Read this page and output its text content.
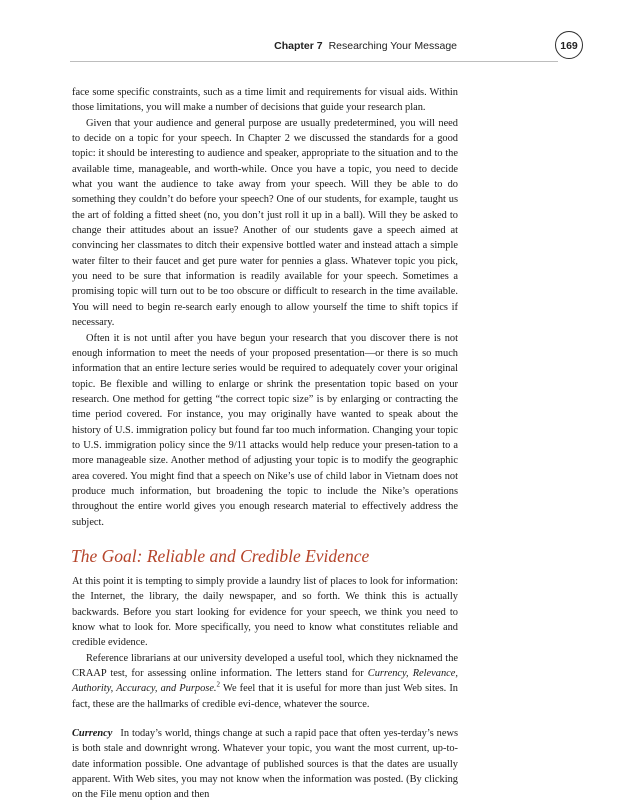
Chapter 7 Researching Your Message	169

face some specific constraints, such as a time limit and requirements for visual aids. Within those limitations, you will make a number of decisions that guide your research plan.

Given that your audience and general purpose are usually predetermined, you will need to decide on a topic for your speech. In Chapter 2 we discussed the standards for a good topic: it should be interesting to audience and speaker, appropriate to the situation and to the available time, manageable, and worth-while. Once you have a topic, you need to decide what you want the audience to take away from your speech. Will they be able to do something they couldn’t do before your speech? One of our students, for example, taught us the art of folding a fitted sheet (no, you don’t just roll it up in a ball). Will they be asked to change their attitudes about an issue? Another of our students gave a speech aimed at convincing her classmates to ditch their expensive bottled water and instead attach a simple water filter to their faucet and get pure water for pennies a glass. Whatever topic you pick, you need to be sure that information is readily available for your speech. Sometimes a promising topic will turn out to be too obscure or difficult to research in the time available. You will need to begin re-search early enough to allow yourself the time to shift topics if necessary.

Often it is not until after you have begun your research that you discover there is not enough information to meet the needs of your proposed presentation—or there is so much information that an entire lecture series would be required to adequately cover your original topic. Be flexible and willing to enlarge or shrink the presentation topic based on your research. One method for getting “the correct topic size” is by enlarging or contracting the time period covered. For instance, you may originally have wanted to speak about the history of U.S. immigration policy but found far too much information. Changing your topic to U.S. immigration policy since the 9/11 attacks would help reduce your presen-tation to a more manageable size. Another method of adjusting your topic is to modify the geographic area covered. You might find that a speech on Nike’s use of child labor in Vietnam does not produce much information, but broadening the topic to include the Nike’s operations throughout the entire world gives you enough research material to effectively address the subject.

The Goal: Reliable and Credible Evidence

At this point it is tempting to simply provide a laundry list of places to look for information: the Internet, the library, the daily newspaper, and so forth. We think this is actually backwards. Before you start looking for evidence for your speech, we think you need to know what to look for. More specifically, you need to know what constitutes reliable and credible evidence.

Reference librarians at our university developed a useful tool, which they nicknamed the CRAAP test, for assessing online information. The letters stand for Currency, Relevance, Authority, Accuracy, and Purpose.$^2$ We feel that it is useful for more than just Web sites. In fact, these are the hallmarks of credible evi-dence, whatever the source.

Currency In today’s world, things change at such a rapid pace that often yes-terday’s news is both stale and downright wrong. Whatever your topic, you want the most current, up-to-date information possible. One advantage of published sources is that the dates are usually apparent. With Web sites, you may not know when the information was posted. (By clicking on the File menu option and then
